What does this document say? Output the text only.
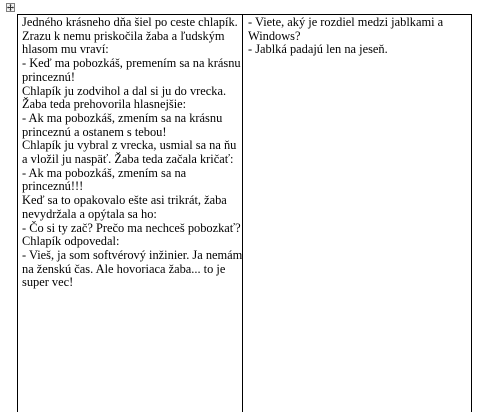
Jedného krásneho dňa šiel po ceste chlapík.
Zrazu k nemu priskočila žaba a ľudským
hlasom mu vraví:
- Keď ma pobozkáš, premením sa na krásnu
princeznú!
Chlapík ju zodvihol a dal si ju do vrecka.
Žaba teda prehovorila hlasnejšie:
- Ak ma pobozkáš, zmením sa na krásnu
princeznú a ostanem s tebou!
Chlapík ju vybral z vrecka, usmial sa na ňu
a vložil ju naspäť. Žaba teda začala kričať:
- Ak ma pobozkáš, zmením sa na
princeznú!!!
Keď sa to opakovalo ešte asi trikrát, žaba
nevydržala a opýtala sa ho:
- Čo si ty zač? Prečo ma nechceš pobozkať?
Chlapík odpovedal:
- Vieš, ja som softvérový inžinier. Ja nemám
na ženskú čas. Ale hovoriaca žaba... to je
super vec!
- Viete, aký je rozdiel medzi jablkami a
Windows?
- Jablká padajú len na jeseň.
